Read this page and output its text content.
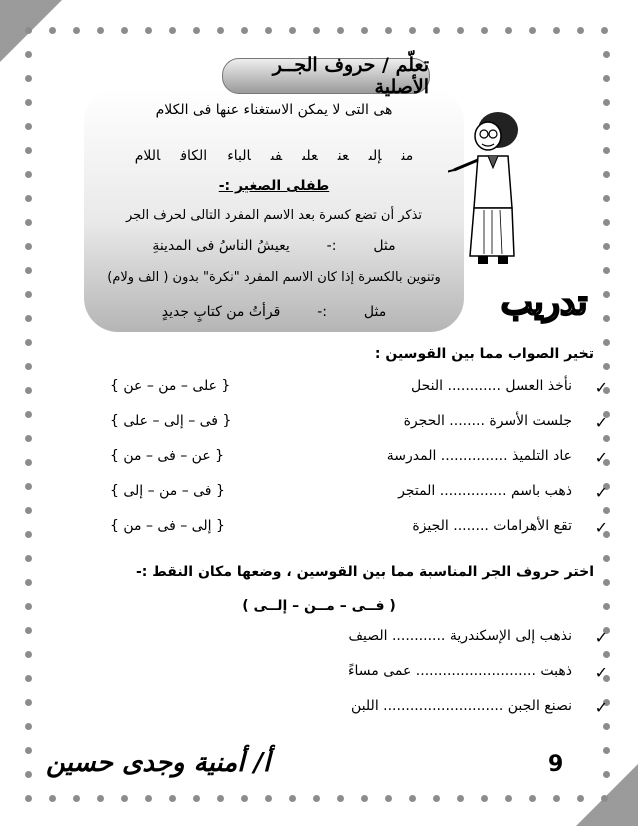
هى التى لا يمكن الاستغناء عنها فى الكلام
منإلىعنعلىفىالباءالكافاللام
طفلى الصغير :-
تذكر أن تضع كسرة بعد الاسم المفرد التالى لحرف الجر
مثل  :-  يعيشُ الناسُ فى المدينةِ
وتنوين بالكسرة إذا كان الاسم المفرد "نكرة" بدون ( الف ولام)
مثل  :-  قرأتُ من كتابٍ جديدٍ
تعلّم / حروف الجــر الأصلية
تدريب
تخير الصواب مما بين القوسين :
✓
نأخذ العسل ............ النحل
{ على – من – عن }
✓
جلست الأسرة ........ الحجرة
{ فى – إلى – على }
✓
عاد التلميذ ............... المدرسة
{ عن – فى – من }
✓
ذهب باسم ............... المتجر
{ فى – من – إلى }
✓
تقع الأهرامات ........ الجيزة
{ إلى – فى – من }
اختر حروف الجر المناسبة مما بين القوسين ، وضعها مكان النقط :-
( فــى – مــن – إلــى )
✓
نذهب إلى الإسكندرية ............ الصيف
✓
ذهبت ........................... عمى مساءً
✓
نصنع الجبن ........................... اللبن
9
أ/ أمنية وجدى حسين
